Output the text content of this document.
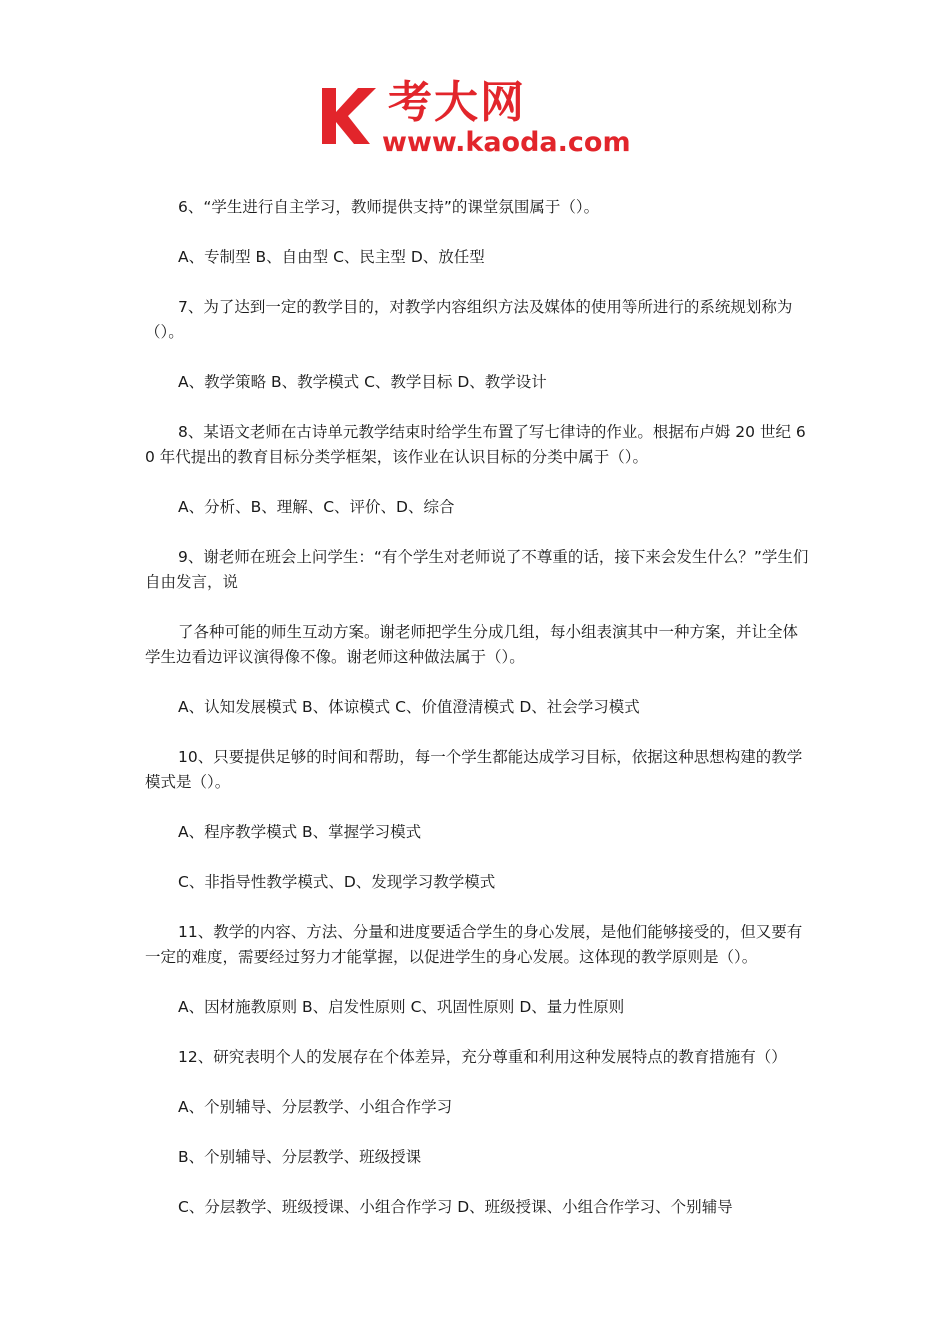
考大网
www.kaoda.com

6、“学生进行自主学习，教师提供支持”的课堂氛围属于（）。

A、专制型 B、自由型 C、民主型 D、放任型

7、为了达到一定的教学目的，对教学内容组织方法及媒体的使用等所进行的系统规划称为（）。

A、教学策略 B、教学模式 C、教学目标 D、教学设计

8、某语文老师在古诗单元教学结束时给学生布置了写七律诗的作业。根据布卢姆 20 世纪 60 年代提出的教育目标分类学框架，该作业在认识目标的分类中属于（）。

A、分析、B、理解、C、评价、D、综合

9、谢老师在班会上问学生：“有个学生对老师说了不尊重的话，接下来会发生什么？”学生们自由发言，说

了各种可能的师生互动方案。谢老师把学生分成几组，每小组表演其中一种方案，并让全体学生边看边评议演得像不像。谢老师这种做法属于（）。

A、认知发展模式 B、体谅模式 C、价值澄清模式 D、社会学习模式

10、只要提供足够的时间和帮助，每一个学生都能达成学习目标，依据这种思想构建的教学模式是（）。

A、程序教学模式 B、掌握学习模式

C、非指导性教学模式、D、发现学习教学模式

11、教学的内容、方法、分量和进度要适合学生的身心发展，是他们能够接受的，但又要有一定的难度，需要经过努力才能掌握，以促进学生的身心发展。这体现的教学原则是（）。

A、因材施教原则 B、启发性原则 C、巩固性原则 D、量力性原则

12、研究表明个人的发展存在个体差异，充分尊重和利用这种发展特点的教育措施有（）

A、个别辅导、分层教学、小组合作学习

B、个别辅导、分层教学、班级授课

C、分层教学、班级授课、小组合作学习 D、班级授课、小组合作学习、个别辅导
